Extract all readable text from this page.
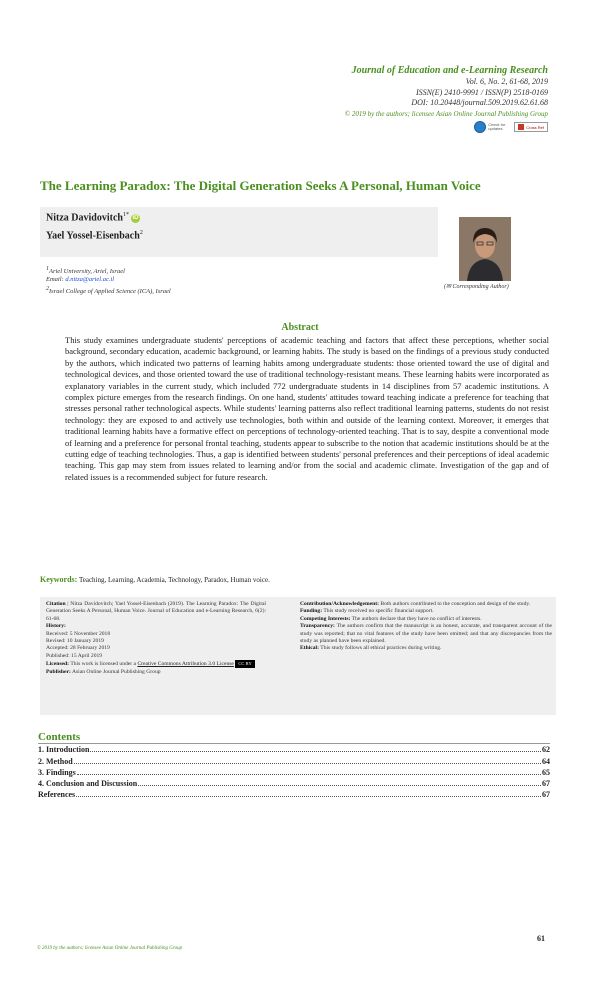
Journal of Education and e-Learning Research
Vol. 6, No. 2, 61-68, 2019
ISSN(E) 2410-9991 / ISSN(P) 2518-0169
DOI: 10.20448/journal.509.2019.62.61.68
© 2019 by the authors; licensee Asian Online Journal Publishing Group
Check for updates	Cross Ref
The Learning Paradox: The Digital Generation Seeks A Personal, Human Voice
Nitza Davidovitch$^{1*}$iD
Yael Yossel-Eisenbach$^2$
$^1$Ariel University, Ariel, Israel
Email: d.nitza@ariel.ac.il
$^2$Israel College of Applied Science (ICA), Israel
(✉ Corresponding Author)
Abstract
This study examines undergraduate students' perceptions of academic teaching and factors that affect these perceptions, whether social background, secondary education, academic background, or learning habits. The study is based on the findings of a previous study conducted by the authors, which indicated two patterns of learning habits among undergraduate students: those oriented toward the use of digital and technological devices, and those oriented toward the use of traditional technology-resistant means. These learning habits were incorporated as explanatory variables in the current study, which included 772 undergraduate students in 14 disciplines from 57 academic institutions. A complex picture emerges from the research findings. On one hand, students' attitudes toward teaching indicate a preference for teaching that stresses personal rather technological aspects. While students' learning patterns also reflect traditional learning patterns, students do not resist technology: they are exposed to and actively use technologies, both within and outside of the learning context. Moreover, it emerges that traditional learning habits have a formative effect on perceptions of technology-oriented teaching. That is to say, despite a conventional mode of learning and a preference for personal frontal teaching, students appear to subscribe to the notion that academic institutions should be at the cutting edge of teaching technologies. Thus, a gap is identified between students' personal preferences and their perceptions of ideal academic teaching. This gap may stem from issues related to learning and/or from the social and academic climate. Investigation of the gap and of related issues is a recommended subject for future research.
Keywords: Teaching, Learning, Academia, Technology, Paradox, Human voice.
Citation | Nitza Davidovitch; Yael Yossel-Eisenbach (2019). The Learning Paradox: The Digital Generation Seeks A Personal, Human Voice. Journal of Education and e-Learning Research, 6(2): 61-68.
History:
Received: 5 November 2018
Revised: 10 January 2019
Accepted: 28 February 2019
Published: 15 April 2019
Licensed: This work is licensed under a Creative Commons Attribution 3.0 License CC BY
Publisher: Asian Online Journal Publishing Group
Contribution/Acknowledgement: Both authors contributed to the conception and design of the study.
Funding: This study received no specific financial support.
Competing Interests: The authors declare that they have no conflict of interests.
Transparency: The authors confirm that the manuscript is an honest, accurate, and transparent account of the study was reported; that no vital features of the study have been omitted; and that any discrepancies from the study as planned have been explained.
Ethical: This study follows all ethical practices during writing.
Contents
1. Introduction	62
2. Method	64
3. Findings	65
4. Conclusion and Discussion	67
References	67
61
© 2019 by the authors; licensee Asian Online Journal Publishing Group
